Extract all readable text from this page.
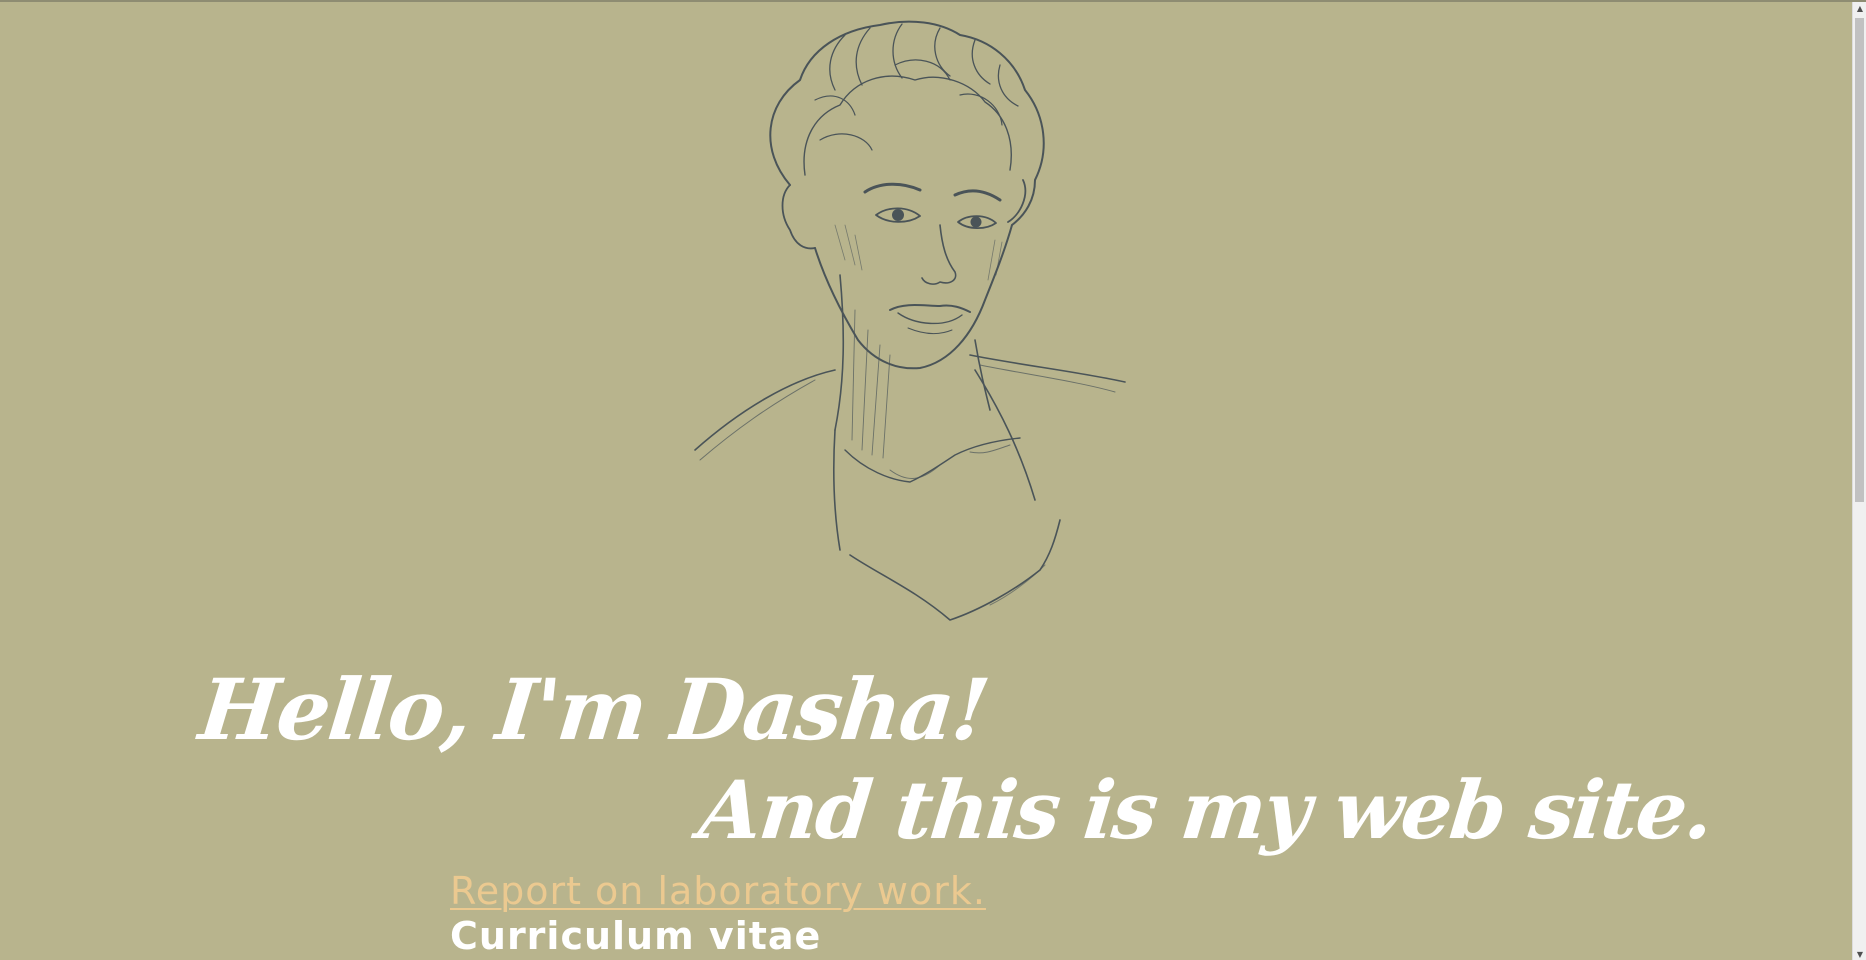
Hello, I'm Dasha!
And this is my web site.
Report on laboratory work.
Curriculum vitae
▲
▼
